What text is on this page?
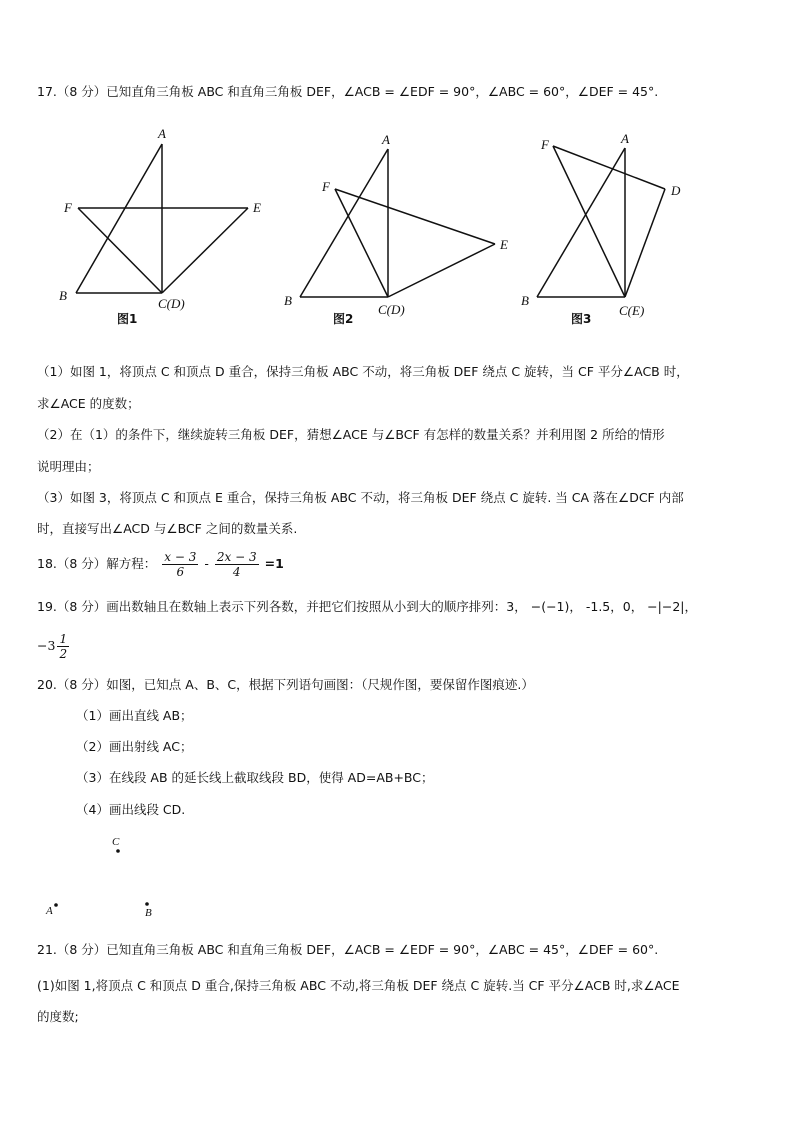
17.（8 分）已知直角三角板 ABC 和直角三角板 DEF，∠ACB = ∠EDF = 90°，∠ABC = 60°，∠DEF = 45°.
A
B
C(D)
F	E
图1
A
B
C(D)
F
E
图2
A
B
C(E)
F
D
图3
（1）如图 1，将顶点 C 和顶点 D 重合，保持三角板 ABC 不动，将三角板 DEF 绕点 C 旋转，当 CF 平分∠ACB 时，
求∠ACE 的度数；
（2）在（1）的条件下，继续旋转三角板 DEF，猜想∠ACE 与∠BCF 有怎样的数量关系？并利用图 2 所给的情形
说明理由；
（3）如图 3，将顶点 C 和顶点 E 重合，保持三角板 ABC 不动，将三角板 DEF 绕点 C 旋转. 当 CA 落在∠DCF 内部
时，直接写出∠ACD 与∠BCF 之间的数量关系.
18.（8 分）解方程： $\frac{x - 3}{6} - \frac{2x - 3}{4} =1$
19.（8 分）画出数轴且在数轴上表示下列各数，并把它们按照从小到大的顺序排列：3， −(−1)， -1.5，0， −|−2|，
$-3 \frac{1}{2}$
20.（8 分）如图，已知点 A、B、C，根据下列语句画图：（尺规作图，要保留作图痕迹.）
（1）画出直线 AB；
（2）画出射线 AC；
（3）在线段 AB 的延长线上截取线段 BD，使得 AD=AB+BC；
（4）画出线段 CD.
C
A	B
21.（8 分）已知直角三角板 ABC 和直角三角板 DEF，∠ACB = ∠EDF = 90°，∠ABC = 45°，∠DEF = 60°.
(1)如图 1,将顶点 C 和顶点 D 重合,保持三角板 ABC 不动,将三角板 DEF 绕点 C 旋转.当 CF 平分∠ACB 时,求∠ACE
的度数;
